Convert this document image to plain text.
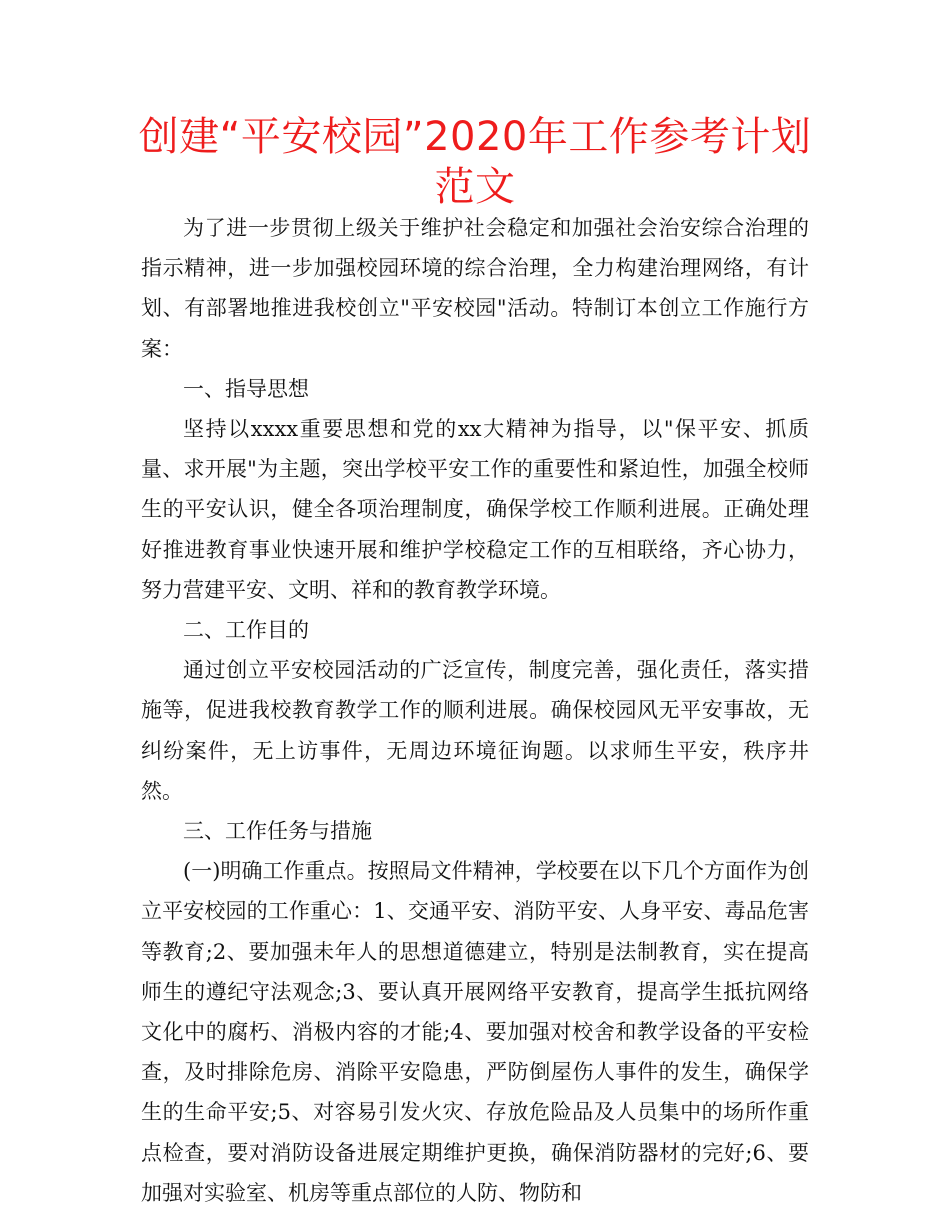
创建“平安校园”2020年工作参考计划范文

为了进一步贯彻上级关于维护社会稳定和加强社会治安综合治理的指示精神，进一步加强校园环境的综合治理，全力构建治理网络，有计划、有部署地推进我校创立"平安校园"活动。特制订本创立工作施行方案：

一、指导思想

坚持以xxxx重要思想和党的xx大精神为指导，以"保平安、抓质量、求开展"为主题，突出学校平安工作的重要性和紧迫性，加强全校师生的平安认识，健全各项治理制度，确保学校工作顺利进展。正确处理好推进教育事业快速开展和维护学校稳定工作的互相联络，齐心协力，努力营建平安、文明、祥和的教育教学环境。

二、工作目的

通过创立平安校园活动的广泛宣传，制度完善，强化责任，落实措施等，促进我校教育教学工作的顺利进展。确保校园风无平安事故，无纠纷案件，无上访事件，无周边环境征询题。以求师生平安，秩序井然。

三、工作任务与措施

(一)明确工作重点。按照局文件精神，学校要在以下几个方面作为创立平安校园的工作重心：1、交通平安、消防平安、人身平安、毒品危害等教育;2、要加强未年人的思想道德建立，特别是法制教育，实在提高师生的遵纪守法观念;3、要认真开展网络平安教育，提高学生抵抗网络文化中的腐朽、消极内容的才能;4、要加强对校舍和教学设备的平安检查，及时排除危房、消除平安隐患，严防倒屋伤人事件的发生，确保学生的生命平安;5、对容易引发火灾、存放危险品及人员集中的场所作重点检查，要对消防设备进展定期维护更换，确保消防器材的完好;6、要加强对实验室、机房等重点部位的人防、物防和
